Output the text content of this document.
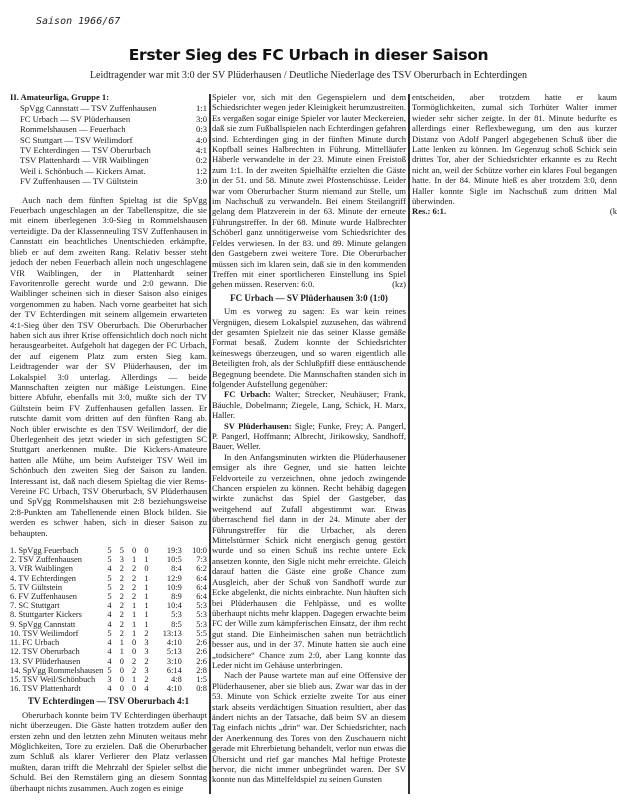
Saison 1966/67
Erster Sieg des FC Urbach in dieser Saison
Leidtragender war mit 3:0 der SV Plüderhausen / Deutliche Niederlage des TSV Oberurbach in Echterdingen
II. Amateurliga, Gruppe 1:
SpVgg Cannstatt — TSV Zuffenhausen	1:1
FC Urbach — SV Plüderhausen	3:0
Rommelshausen — Feuerbach	0:3
SC Stuttgart — TSV Weilimdorf	4:0
TV Echterdingen — TSV Oberurbach	4:1
TSV Plattenhardt — VfR Waiblingen	0:2
Weil i. Schönbuch — Kickers Amat.	1:2
FV Zuffenhausen — TV Gültstein	3:0

Auch nach dem fünften Spieltag ist die SpVgg Feuerbach ungeschlagen an der Tabellenspitze, die sie mit einem überlegenen 3:0-Sieg in Rommelshausen verteidigte. Da der Klassenneuling TSV Zuffenhausen in Cannstatt ein beachtliches Unentschieden erkämpfte, blieb er auf dem zweiten Rang. Relativ besser steht jedoch der neben Feuerbach allein noch ungeschlagene VfR Waiblingen, der in Plattenhardt seiner Favoritenrolle gerecht wurde und 2:0 gewann. Die Waiblinger scheinen sich in dieser Saison also einiges vorgenommen zu haben. Nach vorne gearbeitet hat sich der TV Echterdingen mit seinem allgemein erwarteten 4:1-Sieg über den TSV Oberurbach. Die Oberurbacher haben sich aus ihrer Krise offensichtlich doch noch nicht herausgearbeitet. Aufgeholt hat dagegen der FC Urbach, der auf eigenem Platz zum ersten Sieg kam. Leidtragender war der SV Plüderhausen, der im Lokalspiel 3:0 unterlag. Allerdings — beide Mannschaften zeigten nur mäßige Leistungen. Eine bittere Abfuhr, ebenfalls mit 3:0, mußte sich der TV Gültstein beim FV Zuffenhausen gefallen lassen. Er rutschte damit vom dritten auf den fünften Rang ab. Noch übler erwischte es den TSV Weilimdorf, der die Überlegenheit des jetzt wieder in sich gefestigten SC Stuttgart anerkennen mußte. Die Kickers-Amateure hatten alle Mühe, um beim Aufsteiger TSV Weil im Schönbuch den zweiten Sieg der Saison zu landen. Interessant ist, daß nach diesem Spieltag die vier Rems-Vereine FC Urbach, TSV Oberurbach, SV Plüderhausen und SpVgg Rommelshausen mit 2:8 beziehungsweise 2:8-Punkten am Tabellenende einen Block bilden. Sie werden es schwer haben, sich in dieser Saison zu behaupten.

1. SpVgg Feuerbach	5	5	0	0	19:3	10:0
2. TSV Zuffenhausen	5	3	1	1	10:5	7:3
3. VfR Waiblingen	4	2	2	0	8:4	6:2
4. TV Echterdingen	5	2	2	1	12:9	6:4
5. TV Gültstein	5	2	2	1	10:9	6:4
6. FV Zuffenhausen	5	2	2	1	8:9	6:4
7. SC Stuttgart	4	2	1	1	10:4	5:3
8. Stuttgarter Kickers	4	2	1	1	5:3	5:3
9. SpVgg Cannstatt	4	2	1	1	8:5	5:3
10. TSV Weilimdorf	5	2	1	2	13:13	5:5
11. FC Urbach	4	1	0	3	4:10	2:6
12. TSV Oberurbach	4	1	0	3	5:13	2:6
13. SV Plüderhausen	4	0	2	2	3:10	2:6
14. SpVgg Rommelshausen	5	0	2	3	6:14	2:8
15. TSV Weil/Schönbuch	3	0	1	2	4:8	1:5
16. TSV Plattenhardt	4	0	0	4	4:10	0:8
TV Echterdingen — TSV Oberurbach 4:1

Oberurbach konnte beim TV Echterdingen überhaupt nicht überzeugen. Die Gäste hatten trotzdem außer den ersten zehn und den letzten zehn Minuten weitaus mehr Möglichkeiten, Tore zu erzielen. Daß die Oberurbacher zum Schluß als klarer Verlierer den Platz verlassen mußten, daran trifft die Mehrzahl der Spieler selbst die Schuld. Bei den Remstälern ging an diesem Sonntag überhaupt nichts zusammen. Auch zogen es einige

Spieler vor, sich mit den Gegenspielern und dem Schiedsrichter wegen jeder Kleinigkeit herumzustreiten. Es vergaßen sogar einige Spieler vor lauter Meckereien, daß sie zum Fußballspielen nach Echterdingen gefahren sind. Echterdingen ging in der fünften Minute durch Kopfball seines Halbrechten in Führung. Mittelläufer Häberle verwandelte in der 23. Minute einen Freistoß zum 1:1. In der zweiten Spielhälfte erzielten die Gäste in der 51. und 58. Minute zwei Pfostenschüsse. Leider war vom Oberurbacher Sturm niemand zur Stelle, um im Nachschuß zu verwandeln. Bei einem Steilangriff gelang dem Platzverein in der 63. Minute der erneute Führungstreffer. In der 68. Minute wurde Halbrechter Schöberl ganz unnötigerweise vom Schiedsrichter des Feldes verwiesen. In der 83. und 89. Minute gelangen den Gastgebern zwei weitere Tore. Die Oberurbacher müssen sich im klaren sein, daß sie in den kommenden Treffen mit einer sportlicheren Einstellung ins Spiel gehen müssen. Reserven: 6:0.	(kz)

FC Urbach — SV Plüderhausen 3:0 (1:0)

Um es vorweg zu sagen: Es war kein reines Vergnügen, diesem Lokalspiel zuzusehen, das während der gesamten Spielzeit nie das seiner Klasse gemäße Format besaß. Zudem konnte der Schiedsrichter keineswegs überzeugen, und so waren eigentlich alle Beteiligten froh, als der Schlußpfiff diese enttäuschende Begegnung beendete. Die Mannschaften standen sich in folgender Aufstellung gegenüber:

FC Urbach: Walter; Strecker, Neuhäuser; Frank, Bäuchle, Dobelmann; Ziegele, Lang, Schick, H. Marx, Haller.

SV Plüderhausen: Sigle; Funke, Frey; A. Pangerl, P. Pangerl, Hoffmann; Albrecht, Jirikowsky, Sandhoff, Bauer, Weller.

In den Anfangsminuten wirkten die Plüderhausener emsiger als ihre Gegner, und sie hatten leichte Feldvorteile zu verzeichnen, ohne jedoch zwingende Chancen erspielen zu können. Recht behäbig dagegen wirkte zunächst das Spiel der Gastgeber, das weitgehend auf Zufall abgestimmt war. Etwas überraschend fiel dann in der 24. Minute aber der Führungstreffer für die Urbacher, als deren Mittelstürmer Schick nicht energisch genug gestört wurde und so einen Schuß ins rechte untere Eck ansetzen konnte, den Sigle nicht mehr erreichte. Gleich darauf hatten die Gäste eine große Chance zum Ausgleich, aber der Schuß von Sandhoff wurde zur Ecke abgelenkt, die nichts einbrachte. Nun häuften sich bei Plüderhausen die Fehlpässe, und es wollte überhaupt nichts mehr klappen. Dagegen erwachte beim FC der Wille zum kämpferischen Einsatz, der ihm recht gut stand. Die Einheimischen sahen nun beträchtlich besser aus, und in der 37. Minute hatten sie auch eine „todsichere“ Chance zum 2:0, aber Lang konnte das Leder nicht im Gehäuse unterbringen.

Nach der Pause wartete man auf eine Offensive der Plüderhausener, aber sie blieb aus. Zwar war das in der 53. Minute von Schick erzielte zweite Tor aus einer stark abseits verdächtigen Situation resultiert, aber das ändert nichts an der Tatsache, daß beim SV an diesem Tag einfach nichts „drin“ war. Der Schiedsrichter, nach der Anerkennung des Tores von den Zuschauern nicht gerade mit Ehrerbietung behandelt, verlor nun etwas die Übersicht und rief gar manches Mal heftige Proteste hervor, die nicht immer unbegründet waren. Der SV konnte nun das Mittelfeldspiel zu seinen Gunsten

entscheiden, aber trotzdem hatte er kaum Tormöglichkeiten, zumal sich Torhüter Walter immer wieder sehr sicher zeigte. In der 81. Minute bedurfte es allerdings einer Reflexbewegung, um den aus kurzer Distanz von Adolf Pangerl abgegebenen Schuß über die Latte lenken zu können. Im Gegenzug schoß Schick sein drittes Tor, aber der Schiedsrichter erkannte es zu Recht nicht an, weil der Schütze vorher ein klares Foul begangen hatte. In der 84. Minute hieß es aber trotzdem 3:0, denn Haller konnte Sigle im Nachschuß zum dritten Mal überwinden.

Res.: 6:1.	(k
